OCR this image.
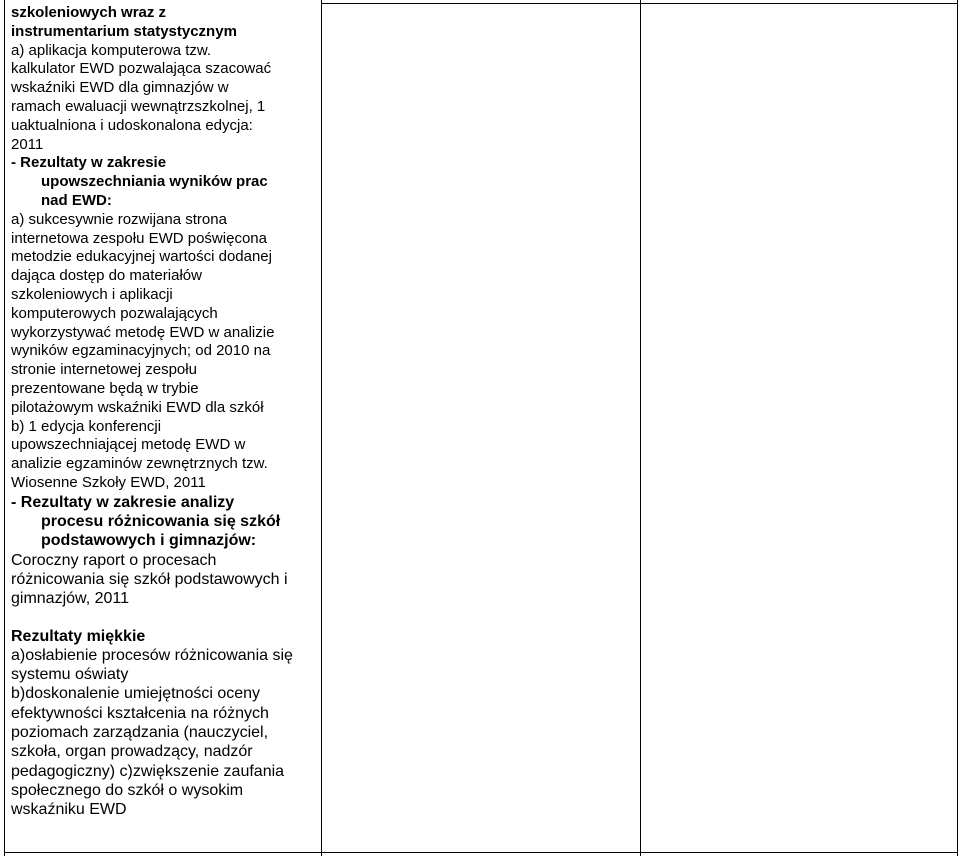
szkoleniowych wraz z

instrumentarium statystycznym

a) aplikacja komputerowa tzw.

kalkulator EWD pozwalająca szacować

wskaźniki EWD dla gimnazjów w

ramach ewaluacji wewnątrzszkolnej, 1

uaktualniona i udoskonalona edycja:

2011

- Rezultaty w zakresie

upowszechniania wyników prac

nad EWD:

a) sukcesywnie rozwijana strona

internetowa zespołu EWD poświęcona

metodzie edukacyjnej wartości dodanej

dająca dostęp do materiałów

szkoleniowych i aplikacji

komputerowych pozwalających

wykorzystywać metodę EWD w analizie

wyników egzaminacyjnych; od 2010 na

stronie internetowej zespołu

prezentowane będą w trybie

pilotażowym wskaźniki EWD dla szkół

b) 1 edycja konferencji

upowszechniającej metodę EWD w

analizie egzaminów zewnętrznych tzw.

Wiosenne Szkoły EWD, 2011

- Rezultaty w zakresie analizy

procesu różnicowania się szkół

podstawowych i gimnazjów:

Coroczny raport o procesach

różnicowania się szkół podstawowych i

gimnazjów, 2011

Rezultaty miękkie

a)osłabienie procesów różnicowania się

systemu oświaty

b)doskonalenie umiejętności oceny

efektywności kształcenia na różnych

poziomach zarządzania (nauczyciel,

szkoła, organ prowadzący, nadzór

pedagogiczny) c)zwiększenie zaufania

społecznego do szkół o wysokim

wskaźniku EWD
